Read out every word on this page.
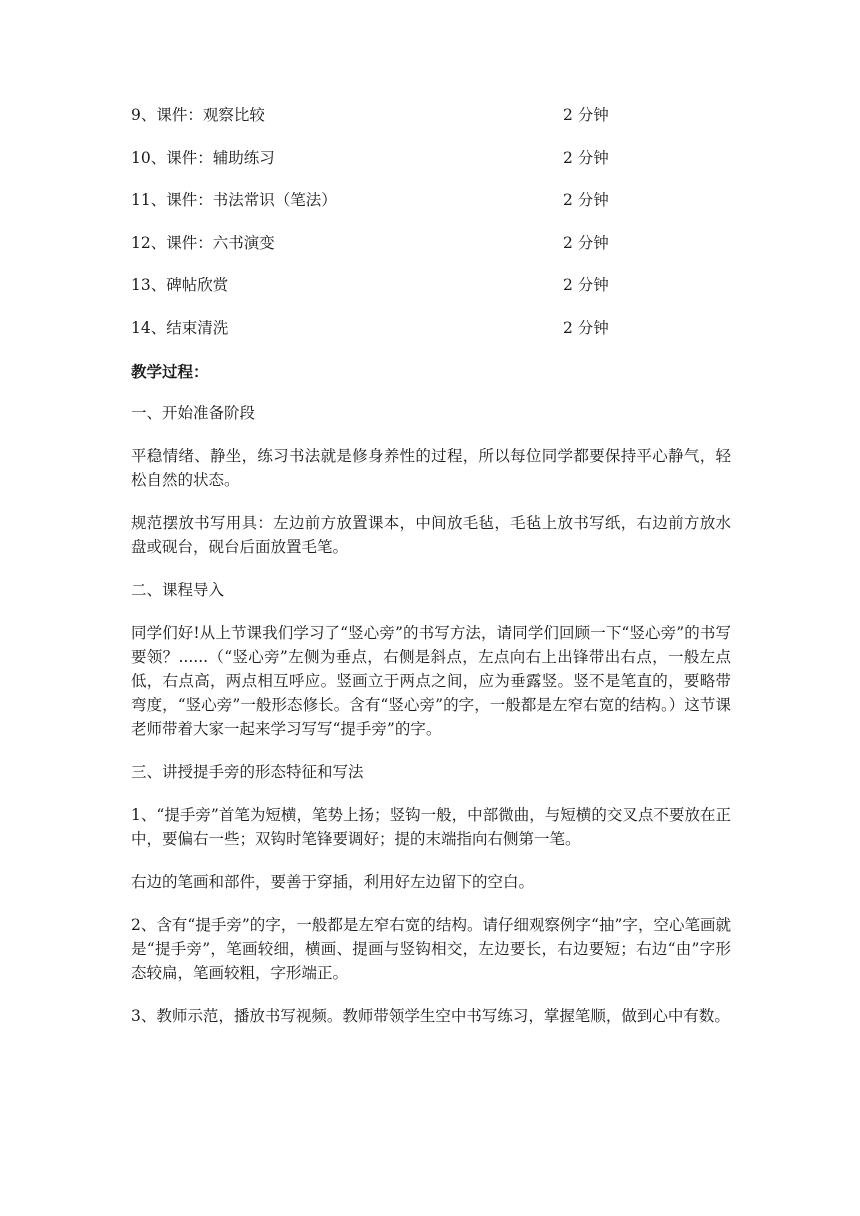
9、课件：观察比较	2 分钟
10、课件：辅助练习	2 分钟
11、课件：书法常识（笔法）	2 分钟
12、课件：六书演变	2 分钟
13、碑帖欣赏	2 分钟
14、结束清洗	2 分钟
教学过程：

一、开始准备阶段

平稳情绪、静坐，练习书法就是修身养性的过程，所以每位同学都要保持平心静气，轻松自然的状态。

规范摆放书写用具：左边前方放置课本，中间放毛毡，毛毡上放书写纸，右边前方放水盘或砚台，砚台后面放置毛笔。

二、课程导入

同学们好!从上节课我们学习了“竖心旁”的书写方法，请同学们回顾一下“竖心旁”的书写要领？......（“竖心旁”左侧为垂点，右侧是斜点，左点向右上出锋带出右点，一般左点低，右点高，两点相互呼应。竖画立于两点之间，应为垂露竖。竖不是笔直的，要略带弯度，“竖心旁”一般形态修长。含有“竖心旁”的字，一般都是左窄右宽的结构。）这节课老师带着大家一起来学习写写“提手旁”的字。

三、讲授提手旁的形态特征和写法

1、“提手旁”首笔为短横，笔势上扬；竖钩一般，中部微曲，与短横的交叉点不要放在正中，要偏右一些；双钩时笔锋要调好；提的末端指向右侧第一笔。

右边的笔画和部件，要善于穿插，利用好左边留下的空白。

2、含有“提手旁”的字，一般都是左窄右宽的结构。请仔细观察例字“抽”字，空心笔画就是“提手旁”，笔画较细，横画、提画与竖钩相交，左边要长，右边要短；右边“由”字形态较扁，笔画较粗，字形端正。

3、教师示范，播放书写视频。教师带领学生空中书写练习，掌握笔顺，做到心中有数。
